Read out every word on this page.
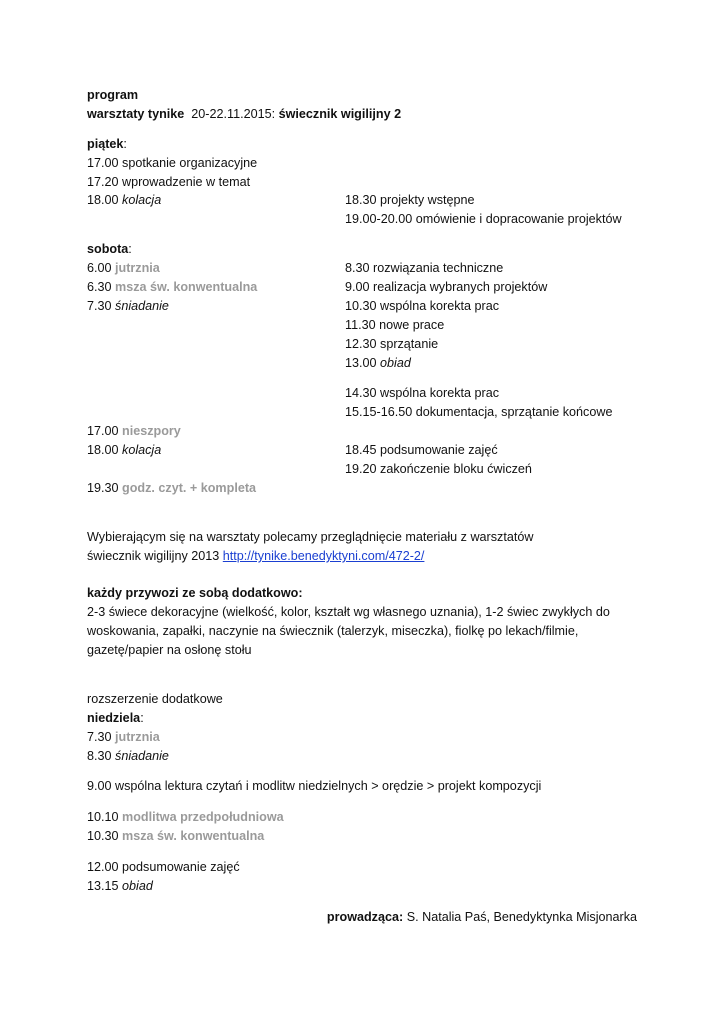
program
warsztaty tynike 20-22.11.2015: świecznik wigilijny 2
piątek:
17.00 spotkanie organizacyjne
17.20 wprowadzenie w temat
18.00 kolacja	18.30 projekty wstępne
19.00-20.00 omówienie i dopracowanie projektów
sobota:
6.00 jutrznia
6.30 msza św. konwentualna
7.30 śniadanie
17.00 nieszpory
18.00 kolacja
19.30 godz. czyt. + kompleta
8.30 rozwiązania techniczne
9.00 realizacja wybranych projektów
10.30 wspólna korekta prac
11.30 nowe prace
12.30 sprzątanie
13.00 obiad
14.30 wspólna korekta prac
15.15-16.50 dokumentacja, sprzątanie końcowe
18.45 podsumowanie zajęć
19.20 zakończenie bloku ćwiczeń
Wybierającym się na warsztaty polecamy przeglądnięcie materiału z warsztatów
świecznik wigilijny 2013 http://tynike.benedyktyni.com/472-2/
każdy przywozi ze sobą dodatkowo:
2-3 świece dekoracyjne (wielkość, kolor, kształt wg własnego uznania), 1-2 świec zwykłych do
woskowania, zapałki, naczynie na świecznik (talerzyk, miseczka), fiolkę po lekach/filmie,
gazetę/papier na osłonę stołu
rozszerzenie dodatkowe
niedziela:
7.30 jutrznia
8.30 śniadanie
9.00 wspólna lektura czytań i modlitw niedzielnych > orędzie > projekt kompozycji
10.10 modlitwa przedpołudniowa
10.30 msza św. konwentualna
12.00 podsumowanie zajęć
13.15 obiad
prowadząca: S. Natalia Paś, Benedyktynka Misjonarka
